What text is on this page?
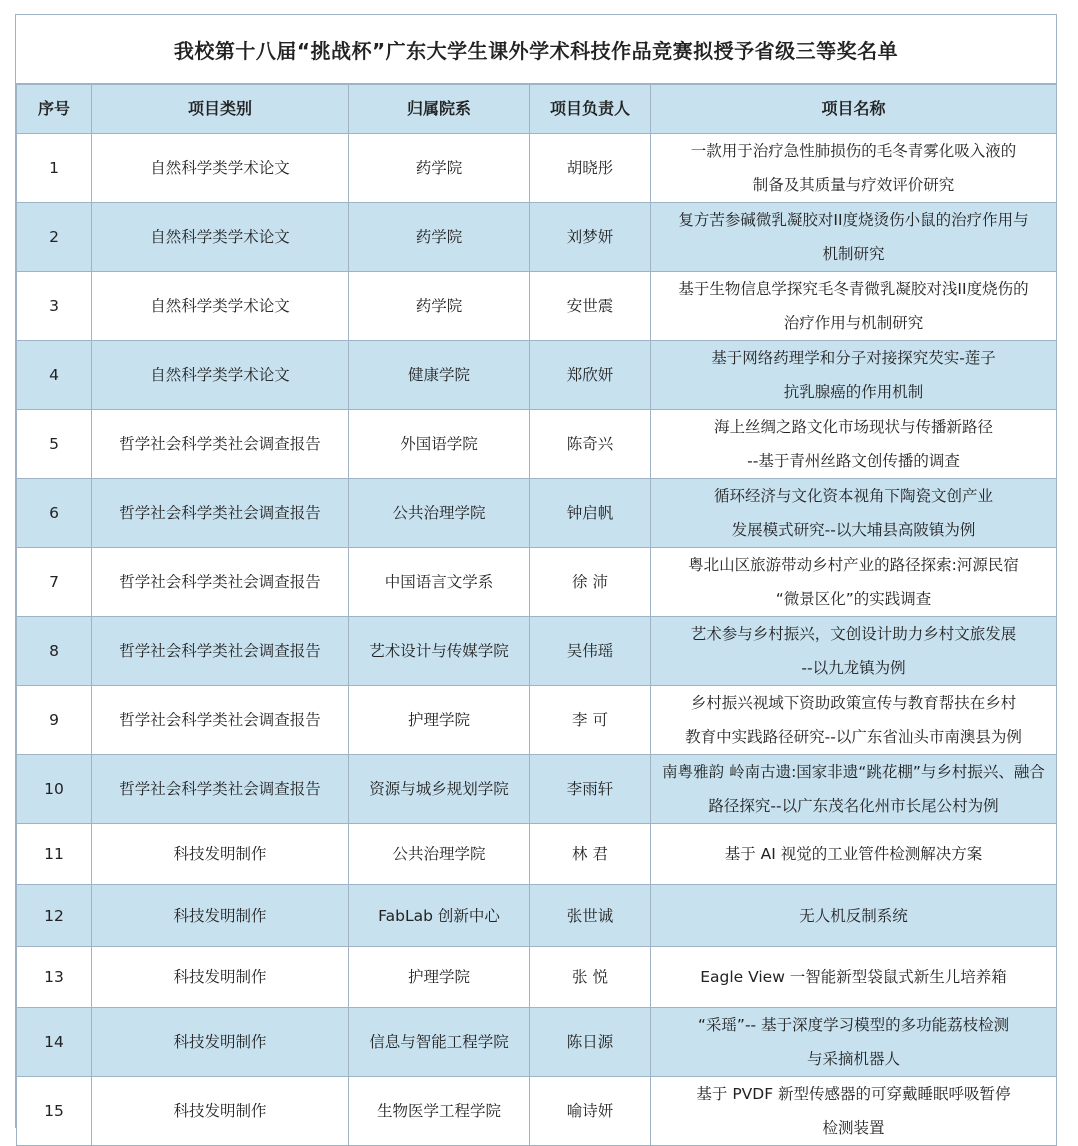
我校第十八届“挑战杯”广东大学生课外学术科技作品竞赛拟授予省级三等奖名单
序号	项目类别	归属院系	项目负责人	项目名称
1	自然科学类学术论文	药学院	胡晓彤	一款用于治疗急性肺损伤的毛冬青雾化吸入液的
制备及其质量与疗效评价研究

2	自然科学类学术论文	药学院	刘梦妍	复方苦参碱微乳凝胶对II度烧烫伤小鼠的治疗作用与
机制研究

3	自然科学类学术论文	药学院	安世震	基于生物信息学探究毛冬青微乳凝胶对浅II度烧伤的
治疗作用与机制研究

4	自然科学类学术论文	健康学院	郑欣妍	基于网络药理学和分子对接探究芡实-莲子
抗乳腺癌的作用机制

5	哲学社会科学类社会调查报告	外国语学院	陈奇兴	海上丝绸之路文化市场现状与传播新路径
--基于青州丝路文创传播的调查

6	哲学社会科学类社会调查报告	公共治理学院	钟启帆	循环经济与文化资本视角下陶瓷文创产业
发展模式研究--以大埔县高陂镇为例

7	哲学社会科学类社会调查报告	中国语言文学系	徐 沛	粤北山区旅游带动乡村产业的路径探索:河源民宿
“微景区化”的实践调查

8	哲学社会科学类社会调查报告	艺术设计与传媒学院	吴伟瑶	艺术参与乡村振兴，文创设计助力乡村文旅发展
--以九龙镇为例

9	哲学社会科学类社会调查报告	护理学院	李 可	乡村振兴视域下资助政策宣传与教育帮扶在乡村
教育中实践路径研究--以广东省汕头市南澳县为例

10	哲学社会科学类社会调查报告	资源与城乡规划学院	李雨轩	南粤雅韵 岭南古遗:国家非遗“跳花棚”与乡村振兴、融合
路径探究--以广东茂名化州市长尾公村为例

11	科技发明制作	公共治理学院	林 君	基于 AI 视觉的工业管件检测解决方案

12	科技发明制作	FabLab 创新中心	张世诚	无人机反制系统

13	科技发明制作	护理学院	张 悦	Eagle View 一智能新型袋鼠式新生儿培养箱

14	科技发明制作	信息与智能工程学院	陈日源	“采瑶”-- 基于深度学习模型的多功能荔枝检测
与采摘机器人

15	科技发明制作	生物医学工程学院	喻诗妍	基于 PVDF 新型传感器的可穿戴睡眠呼吸暂停
检测装置
